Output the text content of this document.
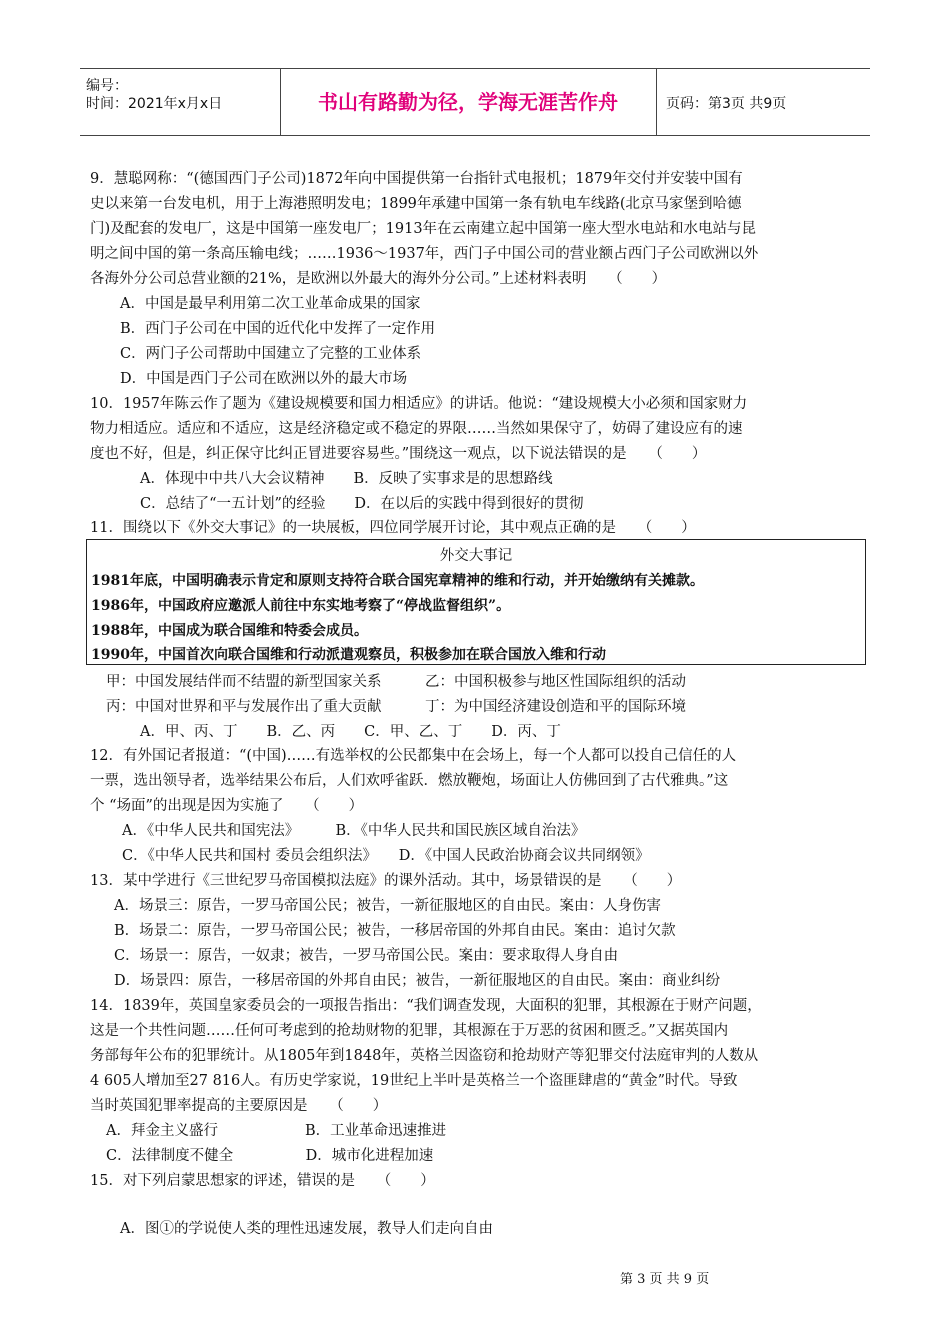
编号：
时间：2021年x月x日	书山有路勤为径，学海无涯苦作舟	页码：第3页 共9页
9．慧聪网称：“(德国西门子公司)1872年向中国提供第一台指针式电报机；1879年交付并安装中国有
史以来第一台发电机，用于上海港照明发电；1899年承建中国第一条有轨电车线路(北京马家堡到哈德
门)及配套的发电厂，这是中国第一座发电厂；1913年在云南建立起中国第一座大型水电站和水电站与昆
明之间中国的第一条高压输电线；……1936～1937年，西门子中国公司的营业额占西门子公司欧洲以外
各海外分公司总营业额的21%，是欧洲以外最大的海外分公司。”上述材料表明　　（　　）
A．中国是最早利用第二次工业革命成果的国家
B．西门子公司在中国的近代化中发挥了一定作用
C．两门子公司帮助中国建立了完整的工业体系
D．中国是西门子公司在欧洲以外的最大市场
10．1957年陈云作了题为《建设规模要和国力相适应》的讲话。他说：“建设规模大小必须和国家财力
物力相适应。适应和不适应，这是经济稳定或不稳定的界限……当然如果保守了，妨碍了建设应有的速
度也不好，但是，纠正保守比纠正冒进要容易些。”围绕这一观点，以下说法错误的是　　（　　）
A．体现中中共八大会议精神　　B．反映了实事求是的思想路线
C．总结了“一五计划”的经验　　D．在以后的实践中得到很好的贯彻
11．围绕以下《外交大事记》的一块展板，四位同学展开讨论，其中观点正确的是　　（　　）
外交大事记
1981年底，中国明确表示肯定和原则支持符合联合国宪章精神的维和行动，并开始缴纳有关摊款。
1986年，中国政府应邀派人前往中东实地考察了“停战监督组织”。
1988年，中国成为联合国维和特委会成员。
1990年，中国首次向联合国维和行动派遣观察员，积极参加在联合国放入维和行动
甲：中国发展结伴而不结盟的新型国家关系　　　乙：中国积极参与地区性国际组织的活动
丙：中国对世界和平与发展作出了重大贡献　　　丁：为中国经济建设创造和平的国际环境
A．甲、丙、丁　　B．乙、丙　　C．甲、乙、丁　　D．丙、丁
12．有外国记者报道：“(中国)……有选举权的公民都集中在会场上，每一个人都可以投自己信任的人
一票，选出领导者，选举结果公布后，人们欢呼雀跃．燃放鞭炮，场面让人仿佛回到了古代雅典。”这
个 “场面”的出现是因为实施了　　（　　）
A．《中华人民共和国宪法》　　　B．《中华人民共和国民族区域自治法》
C．《中华人民共和国村 委员会组织法》　　D．《中国人民政治协商会议共同纲领》
13．某中学进行《三世纪罗马帝国模拟法庭》的课外活动。其中，场景错误的是　　（　　）
A．场景三：原告，一罗马帝国公民；被告，一新征服地区的自由民。案由：人身伤害
B．场景二：原告，一罗马帝国公民；被告，一移居帝国的外邦自由民。案由：追讨欠款
C．场景一：原告，一奴隶；被告，一罗马帝国公民。案由：要求取得人身自由
D．场景四：原告，一移居帝国的外邦自由民；被告，一新征服地区的自由民。案由：商业纠纷
14．1839年，英国皇家委员会的一项报告指出：“我们调查发现，大面积的犯罪，其根源在于财产问题，
这是一个共性问题……任何可考虑到的抢劫财物的犯罪，其根源在于万恶的贫困和匮乏。”又据英国内
务部每年公布的犯罪统计。从1805年到1848年，英格兰因盗窃和抢劫财产等犯罪交付法庭审判的人数从
4 605人增加至27 816人。有历史学家说，19世纪上半叶是英格兰一个盗匪肆虐的“黄金”时代。导致
当时英国犯罪率提高的主要原因是　　（　　）
A．拜金主义盛行　　　　　　B．工业革命迅速推进
C．法律制度不健全　　　　　D．城市化进程加速
15．对下列启蒙思想家的评述，错误的是　　（　　）
A．图①的学说使人类的理性迅速发展，教导人们走向自由
第 3 页 共 9 页
